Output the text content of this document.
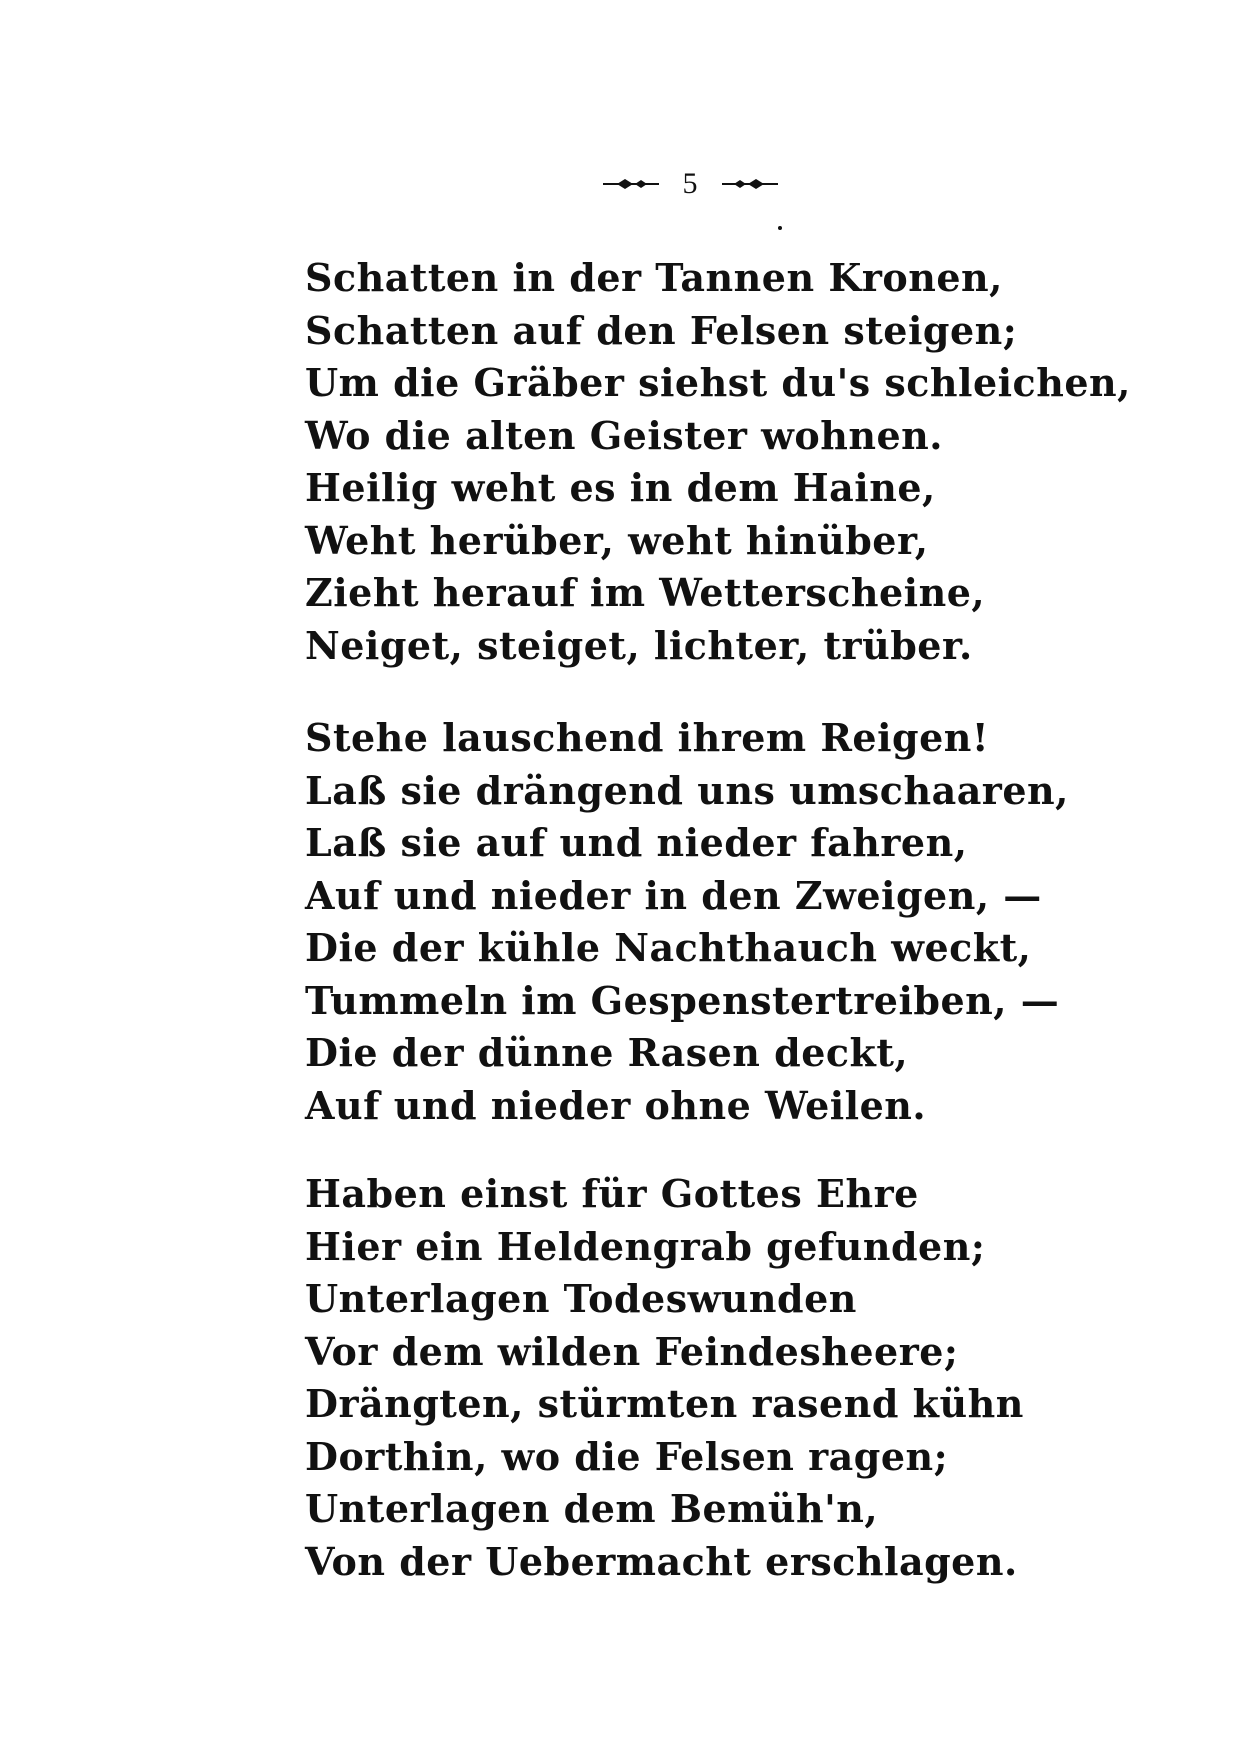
5
Schatten in der Tannen Kronen,
Schatten auf den Felsen steigen;
Um die Gräber siehst du's schleichen,
Wo die alten Geister wohnen.
Heilig weht es in dem Haine,
Weht herüber, weht hinüber,
Zieht herauf im Wetterscheine,
Neiget, steiget, lichter, trüber.
Stehe lauschend ihrem Reigen!
Laß sie drängend uns umschaaren,
Laß sie auf und nieder fahren,
Auf und nieder in den Zweigen, —
Die der kühle Nachthauch weckt,
Tummeln im Gespenstertreiben, —
Die der dünne Rasen deckt,
Auf und nieder ohne Weilen.
Haben einst für Gottes Ehre
Hier ein Heldengrab gefunden;
Unterlagen Todeswunden
Vor dem wilden Feindesheere;
Drängten, stürmten rasend kühn
Dorthin, wo die Felsen ragen;
Unterlagen dem Bemüh'n,
Von der Uebermacht erschlagen.
